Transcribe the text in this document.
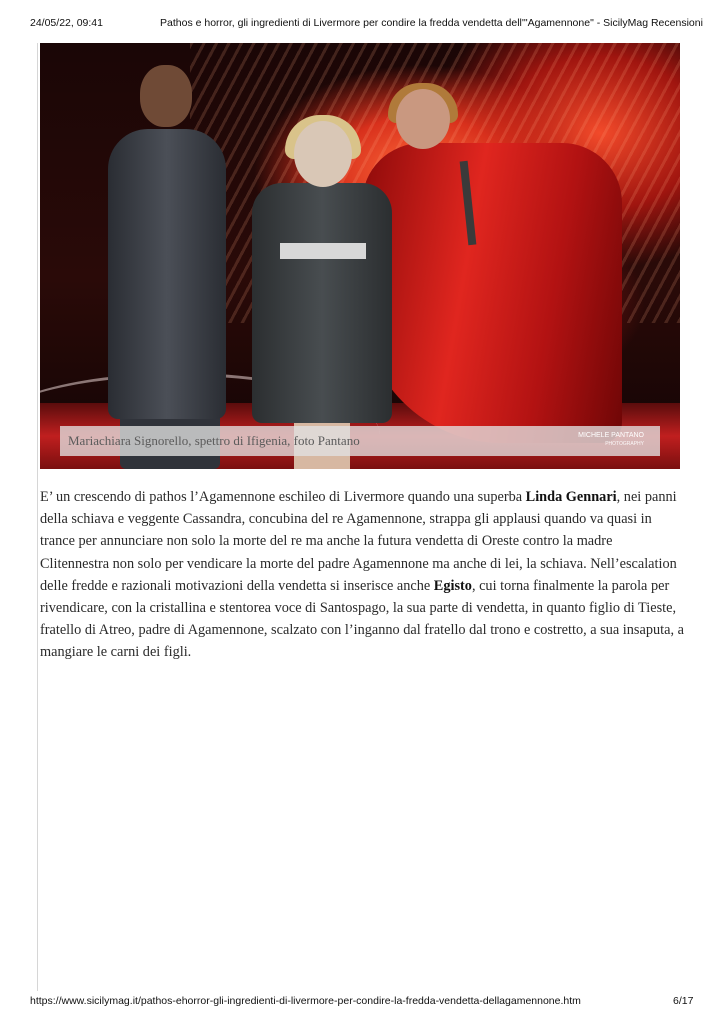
24/05/22, 09:41	Pathos e horror, gli ingredienti di Livermore per condire la fredda vendetta dell'"Agamennone" - SicilyMag Recensioni
Mariachiara Signorello, spettro di Ifigenia, foto Pantano	MICHELE PANTANO
PHOTOGRAPHY

E’ un crescendo di pathos l’Agamennone eschileo di Livermore quando una superba Linda Gennari, nei panni della schiava e veggente Cassandra, concubina del re Agamennone, strappa gli applausi quando va quasi in trance per annunciare non solo la morte del re ma anche la futura vendetta di Oreste contro la madre Clitennestra non solo per vendicare la morte del padre Agamennone ma anche di lei, la schiava. Nell’escalation delle fredde e razionali motivazioni della vendetta si inserisce anche Egisto, cui torna finalmente la parola per rivendicare, con la cristallina e stentorea voce di Santospago, la sua parte di vendetta, in quanto figlio di Tieste, fratello di Atreo, padre di Agamennone, scalzato con l’inganno dal fratello dal trono e costretto, a sua insaputa, a mangiare le carni dei figli.

https://www.sicilymag.it/pathos-ehorror-gli-ingredienti-di-livermore-per-condire-la-fredda-vendetta-dellagamennone.htm	6/17
